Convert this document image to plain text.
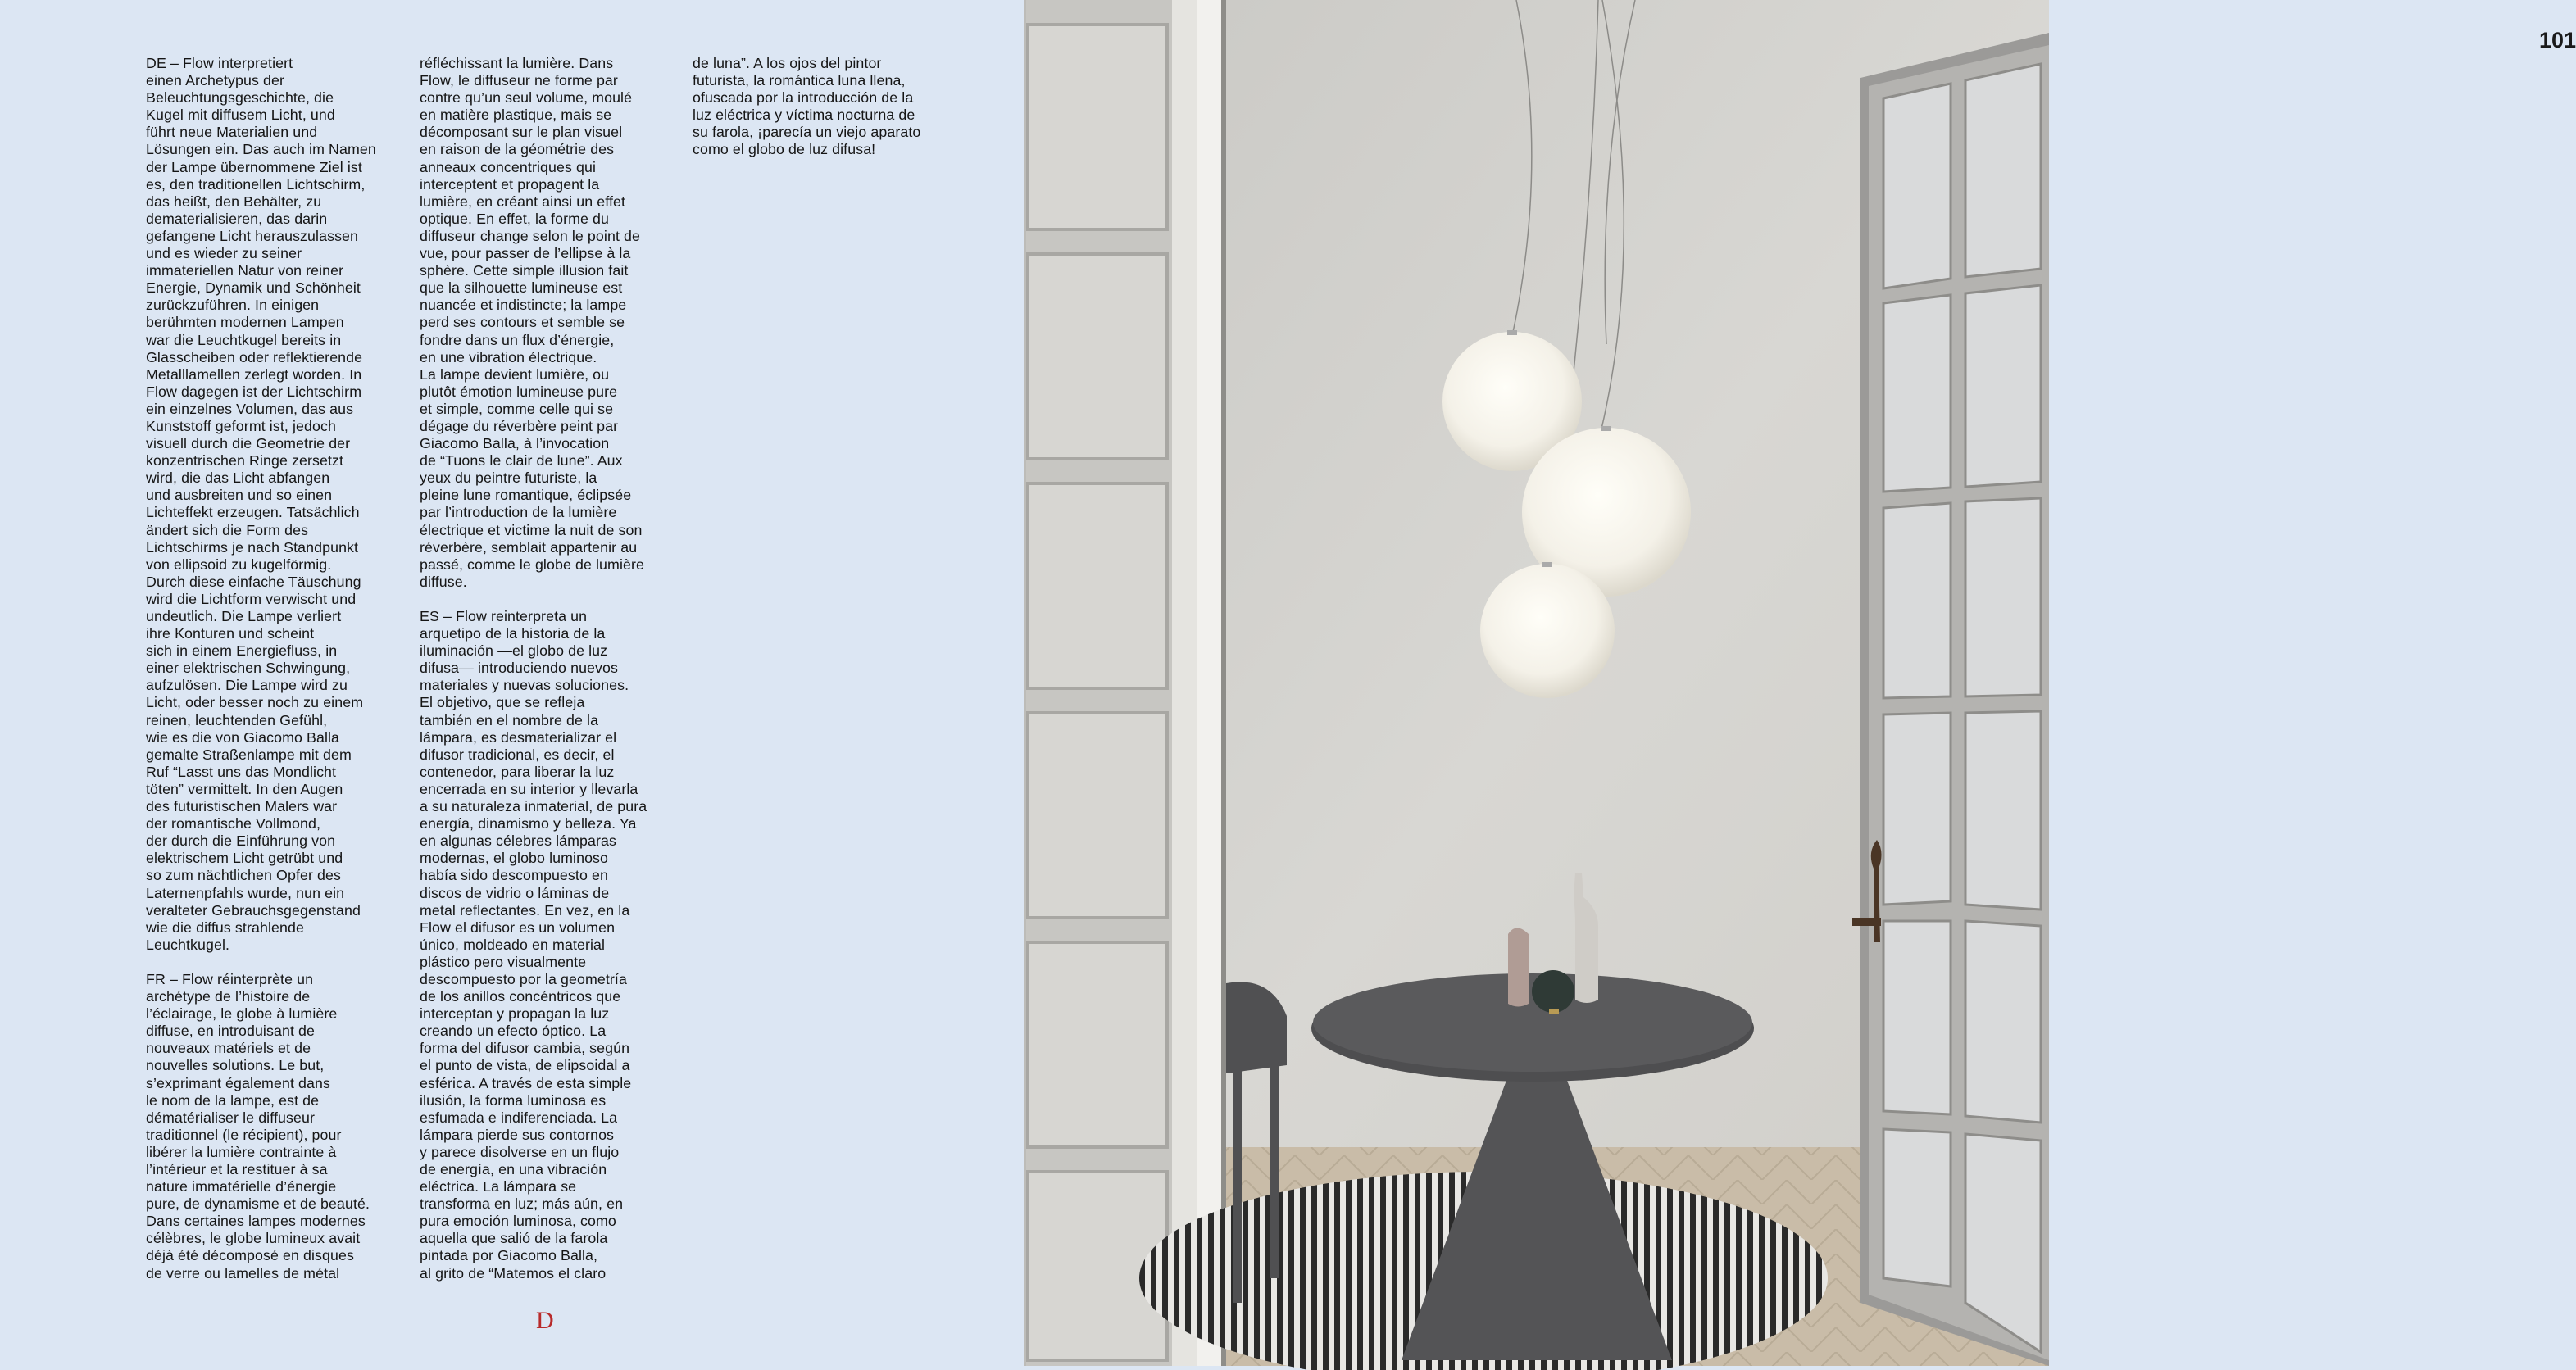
DE – Flow interpretiert
einen Archetypus der
Beleuchtungsgeschichte, die
Kugel mit diffusem Licht, und
führt neue Materialien und
Lösungen ein. Das auch im Namen
der Lampe übernommene Ziel ist
es, den traditionellen Lichtschirm,
das heißt, den Behälter, zu
dematerialisieren, das darin
gefangene Licht herauszulassen
und es wieder zu seiner
immateriellen Natur von reiner
Energie, Dynamik und Schönheit
zurückzuführen. In einigen
berühmten modernen Lampen
war die Leuchtkugel bereits in
Glasscheiben oder reflektierende
Metalllamellen zerlegt worden. In
Flow dagegen ist der Lichtschirm
ein einzelnes Volumen, das aus
Kunststoff geformt ist, jedoch
visuell durch die Geometrie der
konzentrischen Ringe zersetzt
wird, die das Licht abfangen
und ausbreiten und so einen
Lichteffekt erzeugen. Tatsächlich
ändert sich die Form des
Lichtschirms je nach Standpunkt
von ellipsoid zu kugelförmig.
Durch diese einfache Täuschung
wird die Lichtform verwischt und
undeutlich. Die Lampe verliert
ihre Konturen und scheint
sich in einem Energiefluss, in
einer elektrischen Schwingung,
aufzulösen. Die Lampe wird zu
Licht, oder besser noch zu einem
reinen, leuchtenden Gefühl,
wie es die von Giacomo Balla
gemalte Straßenlampe mit dem
Ruf “Lasst uns das Mondlicht
töten” vermittelt. In den Augen
des futuristischen Malers war
der romantische Vollmond,
der durch die Einführung von
elektrischem Licht getrübt und
so zum nächtlichen Opfer des
Laternenpfahls wurde, nun ein
veralteter Gebrauchsgegenstand
wie die diffus strahlende
Leuchtkugel.

FR – Flow réinterprète un
archétype de l’histoire de
l’éclairage, le globe à lumière
diffuse, en introduisant de
nouveaux matériels et de
nouvelles solutions. Le but,
s’exprimant également dans
le nom de la lampe, est de
dématérialiser le diffuseur
traditionnel (le récipient), pour
libérer la lumière contrainte à
l’intérieur et la restituer à sa
nature immatérielle d’énergie
pure, de dynamisme et de beauté.
Dans certaines lampes modernes
célèbres, le globe lumineux avait
déjà été décomposé en disques
de verre ou lamelles de métal
réfléchissant la lumière. Dans
Flow, le diffuseur ne forme par
contre qu’un seul volume, moulé
en matière plastique, mais se
décomposant sur le plan visuel
en raison de la géométrie des
anneaux concentriques qui
interceptent et propagent la
lumière, en créant ainsi un effet
optique. En effet, la forme du
diffuseur change selon le point de
vue, pour passer de l’ellipse à la
sphère. Cette simple illusion fait
que la silhouette lumineuse est
nuancée et indistincte; la lampe
perd ses contours et semble se
fondre dans un flux d’énergie,
en une vibration électrique.
La lampe devient lumière, ou
plutôt émotion lumineuse pure
et simple, comme celle qui se
dégage du réverbère peint par
Giacomo Balla, à l’invocation
de “Tuons le clair de lune”. Aux
yeux du peintre futuriste, la
pleine lune romantique, éclipsée
par l’introduction de la lumière
électrique et victime la nuit de son
réverbère, semblait appartenir au
passé, comme le globe de lumière
diffuse.

ES – Flow reinterpreta un
arquetipo de la historia de la
iluminación —el globo de luz
difusa— introduciendo nuevos
materiales y nuevas soluciones.
El objetivo, que se refleja
también en el nombre de la
lámpara, es desmaterializar el
difusor tradicional, es decir, el
contenedor, para liberar la luz
encerrada en su interior y llevarla
a su naturaleza inmaterial, de pura
energía, dinamismo y belleza. Ya
en algunas célebres lámparas
modernas, el globo luminoso
había sido descompuesto en
discos de vidrio o láminas de
metal reflectantes. En vez, en la
Flow el difusor es un volumen
único, moldeado en material
plástico pero visualmente
descompuesto por la geometría
de los anillos concéntricos que
interceptan y propagan la luz
creando un efecto óptico. La
forma del difusor cambia, según
el punto de vista, de elipsoidal a
esférica. A través de esta simple
ilusión, la forma luminosa es
esfumada e indiferenciada. La
lámpara pierde sus contornos
y parece disolverse en un flujo
de energía, en una vibración
eléctrica. La lámpara se
transforma en luz; más aún, en
pura emoción luminosa, como
aquella que salió de la farola
pintada por Giacomo Balla,
al grito de “Matemos el claro
de luna”. A los ojos del pintor
futurista, la romántica luna llena,
ofuscada por la introducción de la
luz eléctrica y víctima nocturna de
su farola, ¡parecía un viejo aparato
como el globo de luz difusa!
D
101
